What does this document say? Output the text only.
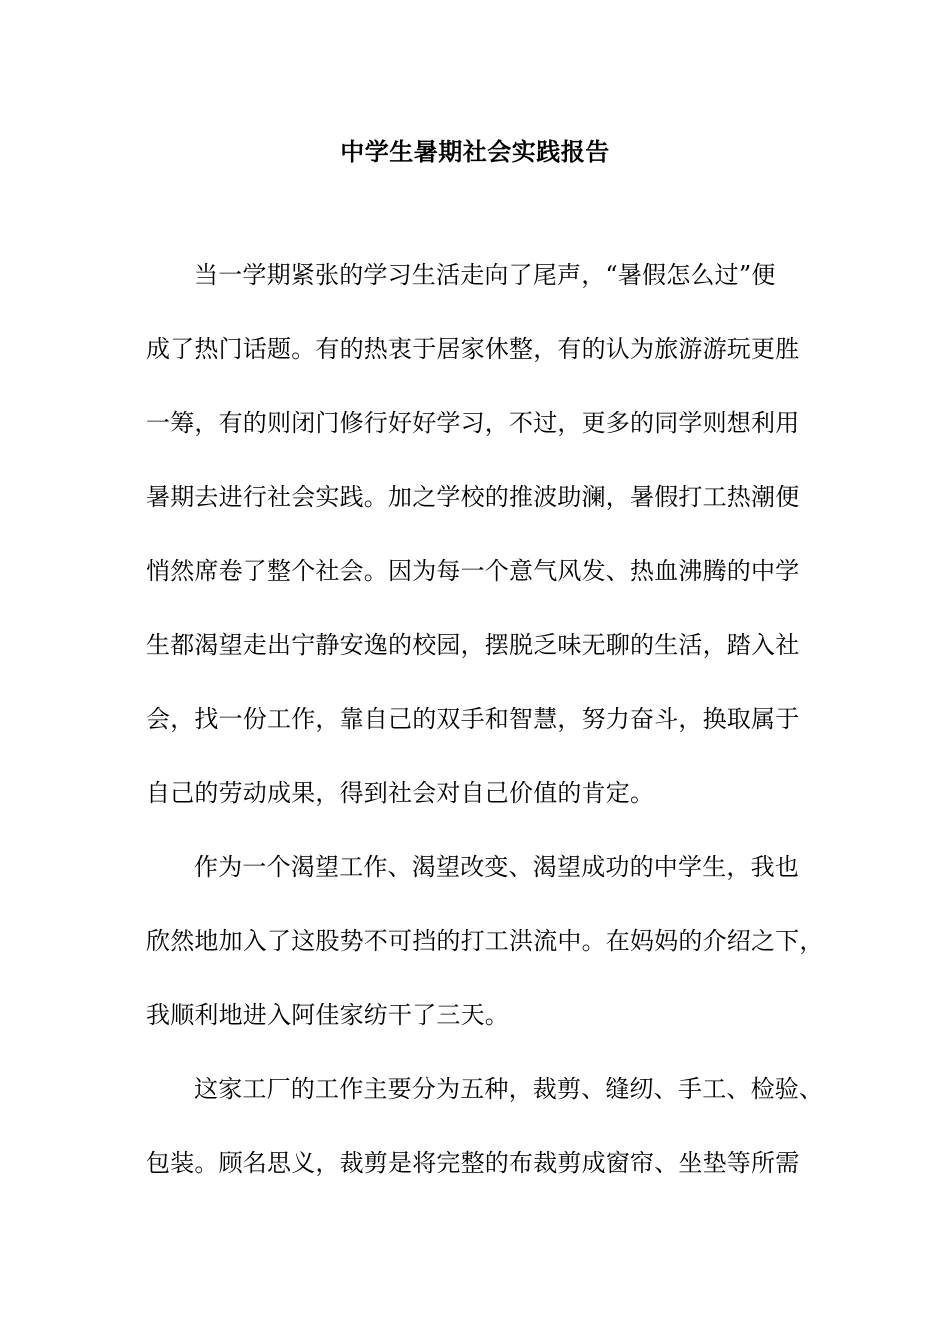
中学生暑期社会实践报告
当一学期紧张的学习生活走向了尾声，“暑假怎么过”便
成了热门话题。有的热衷于居家休整，有的认为旅游游玩更胜
一筹，有的则闭门修行好好学习，不过，更多的同学则想利用
暑期去进行社会实践。加之学校的推波助澜，暑假打工热潮便
悄然席卷了整个社会。因为每一个意气风发、热血沸腾的中学
生都渴望走出宁静安逸的校园，摆脱乏味无聊的生活，踏入社
会，找一份工作，靠自己的双手和智慧，努力奋斗，换取属于
自己的劳动成果，得到社会对自己价值的肯定。
作为一个渴望工作、渴望改变、渴望成功的中学生，我也
欣然地加入了这股势不可挡的打工洪流中。在妈妈的介绍之下，
我顺利地进入阿佳家纺干了三天。
这家工厂的工作主要分为五种，裁剪、缝纫、手工、检验、
包装。顾名思义，裁剪是将完整的布裁剪成窗帘、坐垫等所需
